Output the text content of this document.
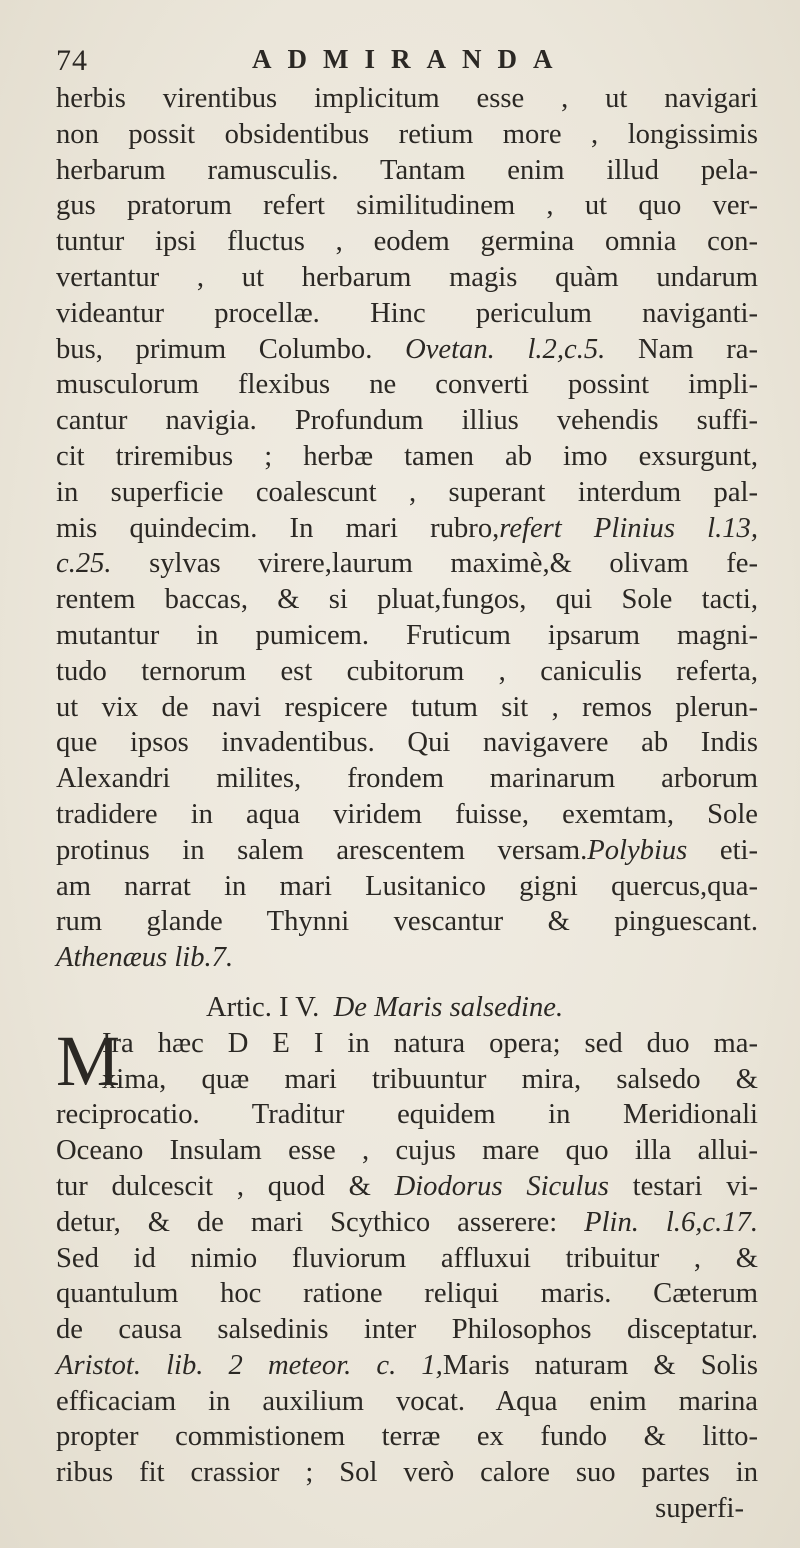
74	ADMIRANDA
herbis virentibus implicitum esse , ut navigari
non possit obsidentibus retium more , longissimis
herbarum ramusculis. Tantam enim illud pela-
gus pratorum refert similitudinem , ut quo ver-
tuntur ipsi fluctus , eodem germina omnia con-
vertantur , ut herbarum magis quàm undarum
videantur procellæ. Hinc periculum naviganti-
bus, primum Columbo. Ovetan. l.2,c.5. Nam ra-
musculorum flexibus ne converti possint impli-
cantur navigia. Profundum illius vehendis suffi-
cit triremibus ; herbæ tamen ab imo exsurgunt,
in superficie coalescunt , superant interdum pal-
mis quindecim. In mari rubro,refert Plinius l.13,
c.25. sylvas virere,laurum maximè,& olivam fe-
rentem baccas, & si pluat,fungos, qui Sole tacti,
mutantur in pumicem. Fruticum ipsarum magni-
tudo ternorum est cubitorum , caniculis referta,
ut vix de navi respicere tutum sit , remos plerun-
que ipsos invadentibus. Qui navigavere ab Indis
Alexandri milites, frondem marinarum arborum
tradidere in aqua viridem fuisse, exemtam, Sole
protinus in salem arescentem versam.Polybius eti-
am narrat in mari Lusitanico gigni quercus,qua-
rum glande Thynni vescantur & pinguescant.
Athenæus lib.7.
Artic. I V. De Maris salsedine.
M
Ira hæc D E I in natura opera; sed duo ma-
xima, quæ mari tribuuntur mira, salsedo &
reciprocatio. Traditur equidem in Meridionali
Oceano Insulam esse , cujus mare quo illa allui-
tur dulcescit , quod & Diodorus Siculus testari vi-
detur, & de mari Scythico asserere: Plin. l.6,c.17.
Sed id nimio fluviorum affluxui tribuitur , &
quantulum hoc ratione reliqui maris. Cæterum
de causa salsedinis inter Philosophos disceptatur.
Aristot. lib. 2 meteor. c. 1,Maris naturam & Solis
efficaciam in auxilium vocat. Aqua enim marina
propter commistionem terræ ex fundo & litto-
ribus fit crassior ; Sol verò calore suo partes in
superfi-
